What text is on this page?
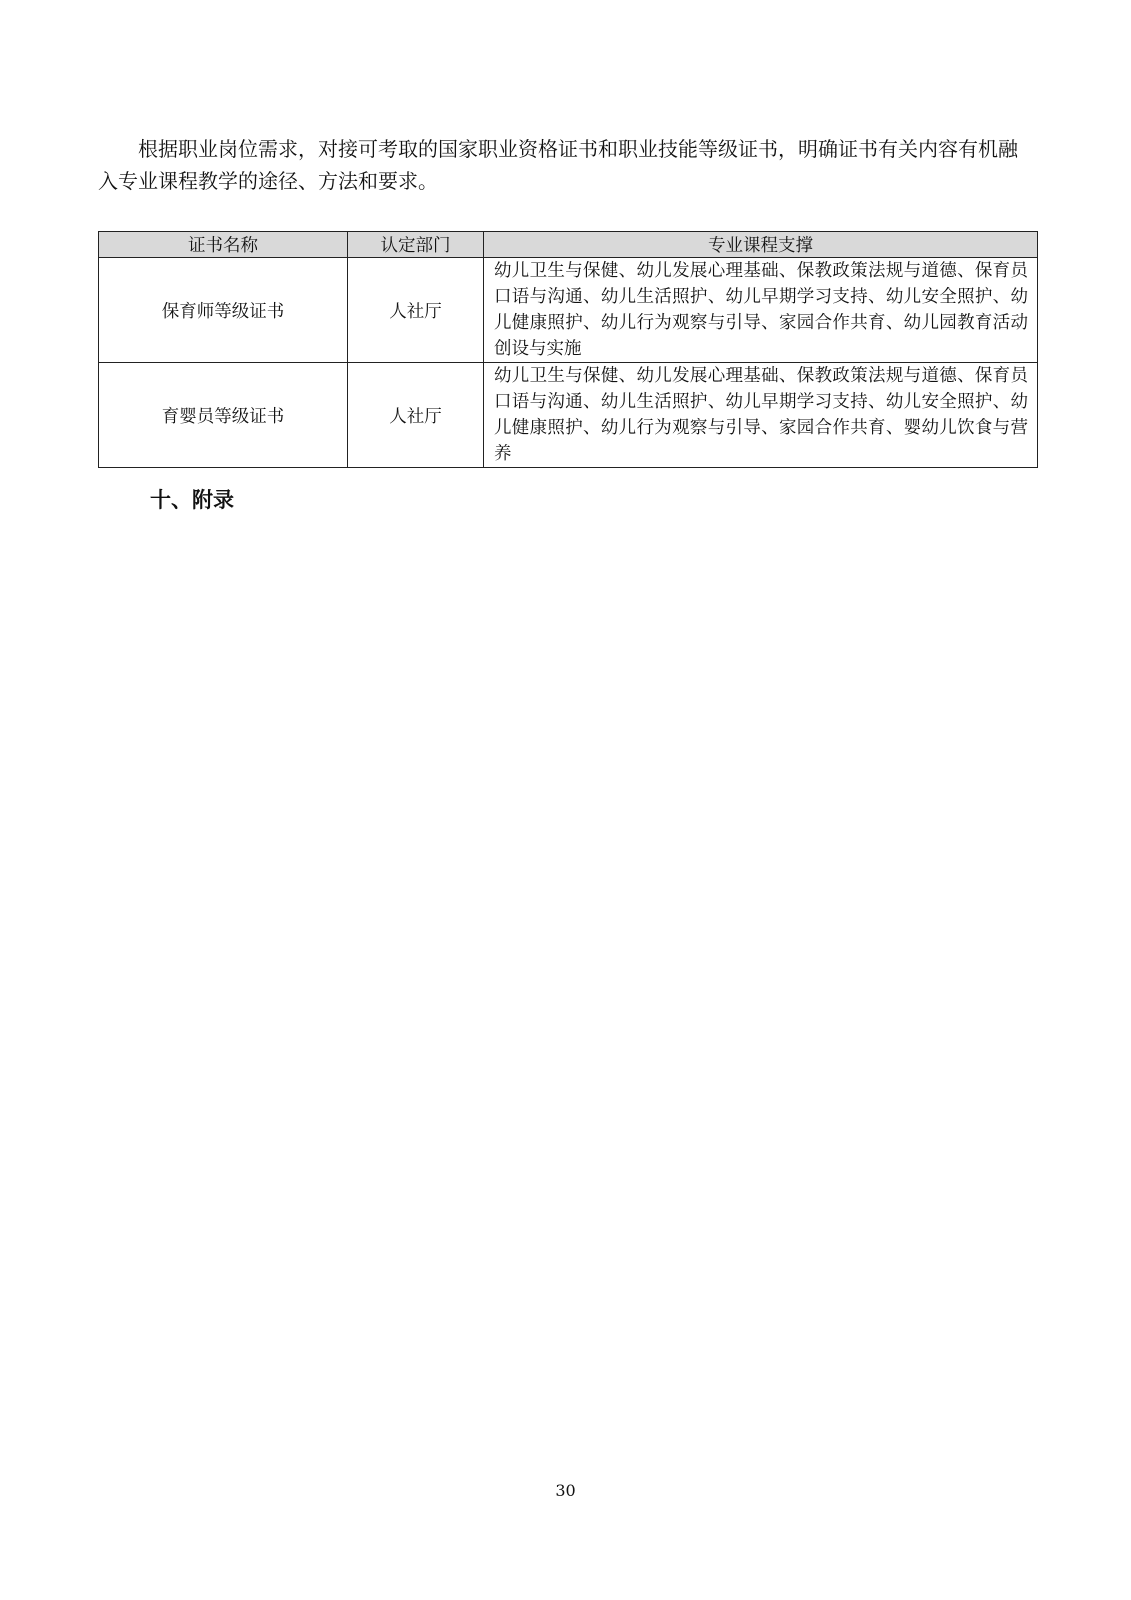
根据职业岗位需求，对接可考取的国家职业资格证书和职业技能等级证书，明确证书有关内容有机融入专业课程教学的途径、方法和要求。

证书名称	认定部门	专业课程支撑
保育师等级证书	人社厅	幼儿卫生与保健、幼儿发展心理基础、保教政策法规与道德、保育员口语与沟通、幼儿生活照护、幼儿早期学习支持、幼儿安全照护、幼儿健康照护、幼儿行为观察与引导、家园合作共育、幼儿园教育活动创设与实施
育婴员等级证书	人社厅	幼儿卫生与保健、幼儿发展心理基础、保教政策法规与道德、保育员口语与沟通、幼儿生活照护、幼儿早期学习支持、幼儿安全照护、幼儿健康照护、幼儿行为观察与引导、家园合作共育、婴幼儿饮食与营养
十、附录
30
